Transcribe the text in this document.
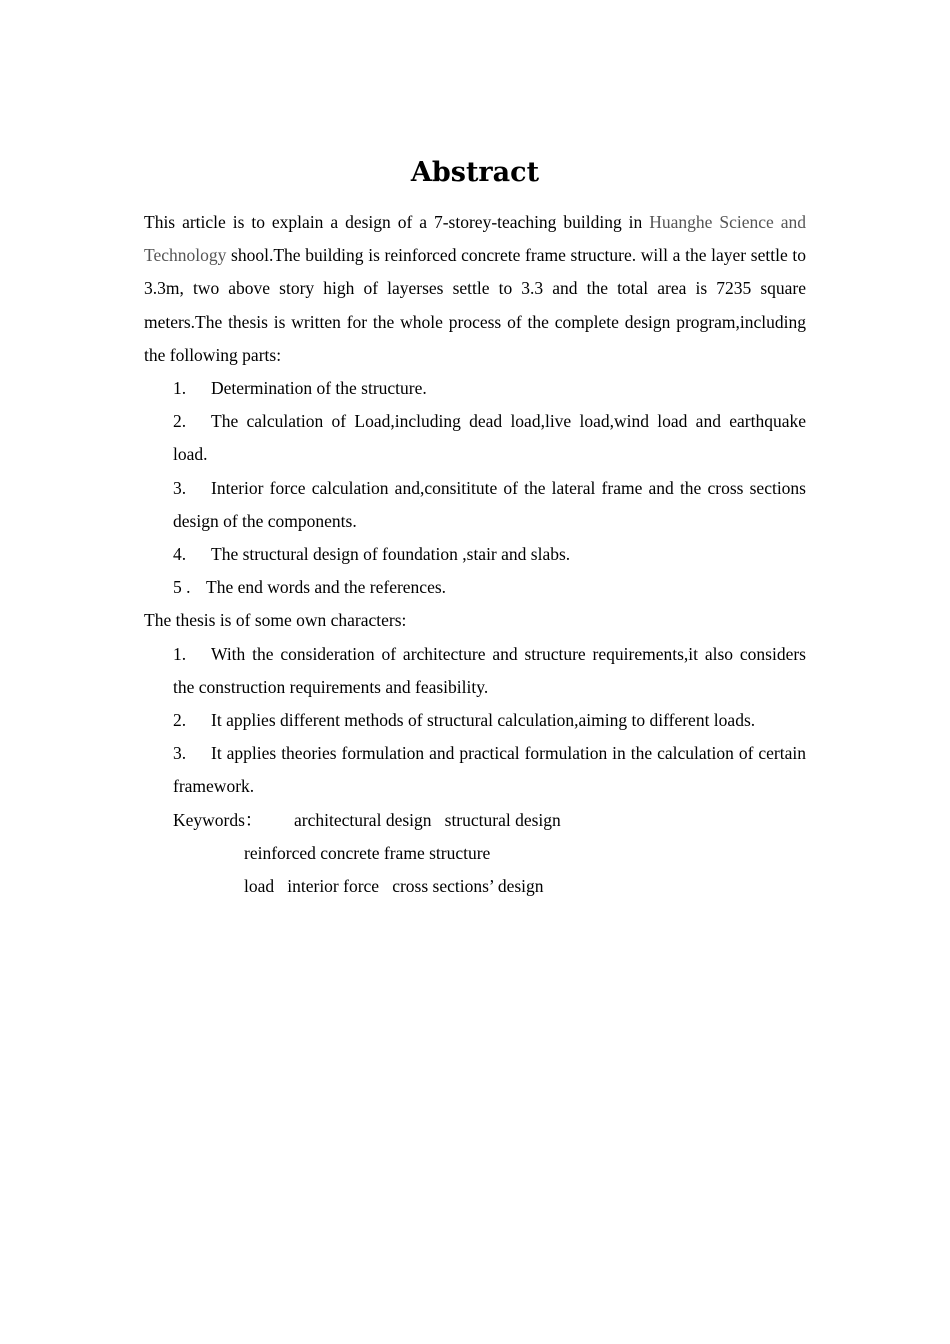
Abstract

This article is to explain a design of a 7-storey-teaching building in Huanghe Science and Technology shool.The building is reinforced concrete frame structure. will a the layer settle to 3.3m, two above story high of layerses settle to 3.3 and the total area is 7235 square meters.The thesis is written for the whole process of the complete design program,including the following parts:

1. Determination of the structure.

2. The calculation of Load,including dead load,live load,wind load and earthquake load.

3. Interior force calculation and,consititute of the lateral frame and the cross sections design of the components.

4. The structural design of foundation ,stair and slabs.

5 . The end words and the references.

The thesis is of some own characters:

1. With the consideration of architecture and structure requirements,it also considers the construction requirements and feasibility.

2. It applies different methods of structural calculation,aiming to different loads.

3. It applies theories formulation and practical formulation in the calculation of certain framework.

Keywords： architectural design   structural design

reinforced concrete frame structure

load   interior force   cross sections’ design
